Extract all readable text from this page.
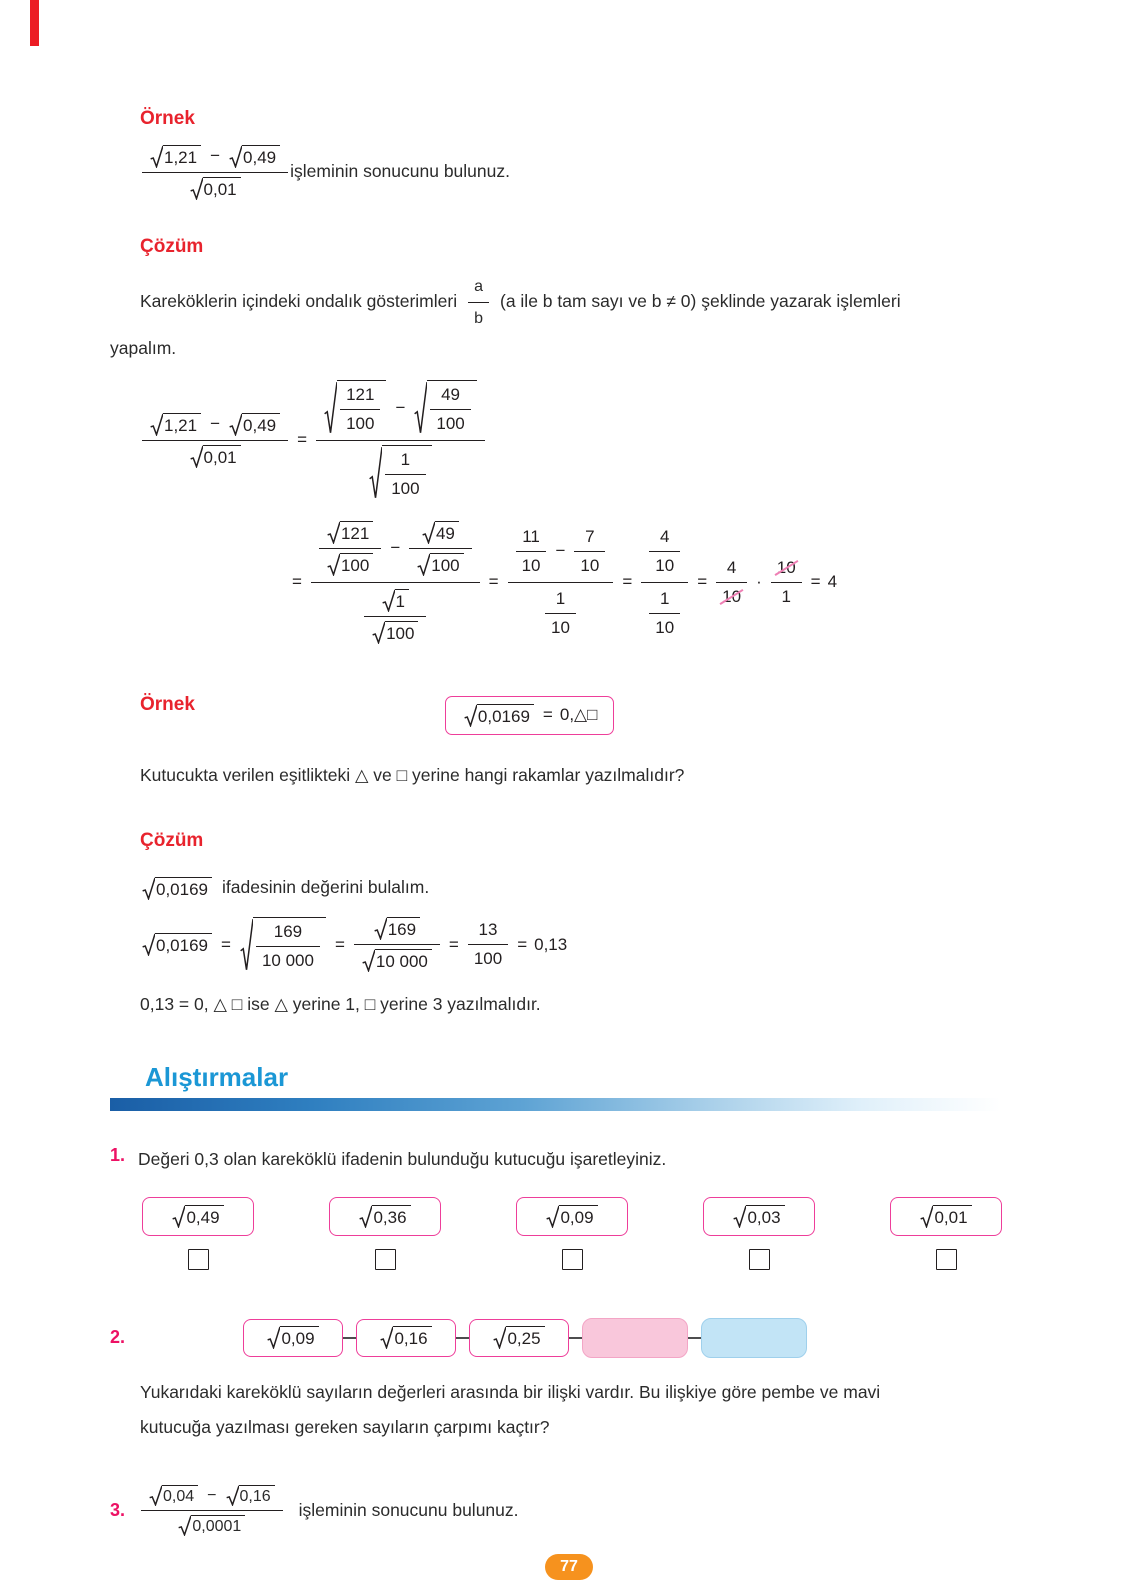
Örnek
1,21 −	0,49
0,01 işleminin sonucunu bulunuz.
Çözüm
Kareköklerin içindeki ondalık gösterimleri $\frac{a}{b} (a$ ile b tam sayı ve b ≠ 0) şeklinde yazarak işlemleri
yapalım.
1,21 −	0,49
$0,01 = \frac{\frac{121}{100} - \frac{49}{100}}{\frac{1}{100}}$
=
$\frac{121}{100} - \frac{49}{100}$
$\frac{1}{100}$
= $\frac{\frac{11}{10} - \frac{7}{10}}{\frac{1}{10}} = \frac{\frac{4}{10}}{\frac{1}{10}} = \frac{4}{10} \cdot \frac{10}{1} = 4$
Örnek
0,0169 = 0,△□
Kutucukta verilen eşitlikteki △ ve □ yerine hangi rakamlar yazılmalıdır?
Çözüm
0,0169 ifadesinin değerini bulalım.
$0,0169 = \frac{169}{10 000} = \frac{169}{10 000} = \frac{13}{100} = 0,13$
0,13 = 0, △ □ ise △ yerine 1, □ yerine 3 yazılmalıdır.
Alıştırmalar
1. Değeri 0,3 olan kareköklü ifadenin bulunduğu kutucuğu işaretleyiniz.
0,49	0,36	0,09	0,03	0,01
2.	0,09	0,16	0,25
Yukarıdaki kareköklü sayıların değerleri arasında bir ilişki vardır. Bu ilişkiye göre pembe ve mavi
kutucuğa yazılması gereken sayıların çarpımı kaçtır?
3. 0,04 −	0,16
0,0001 işleminin sonucunu bulunuz.
77
